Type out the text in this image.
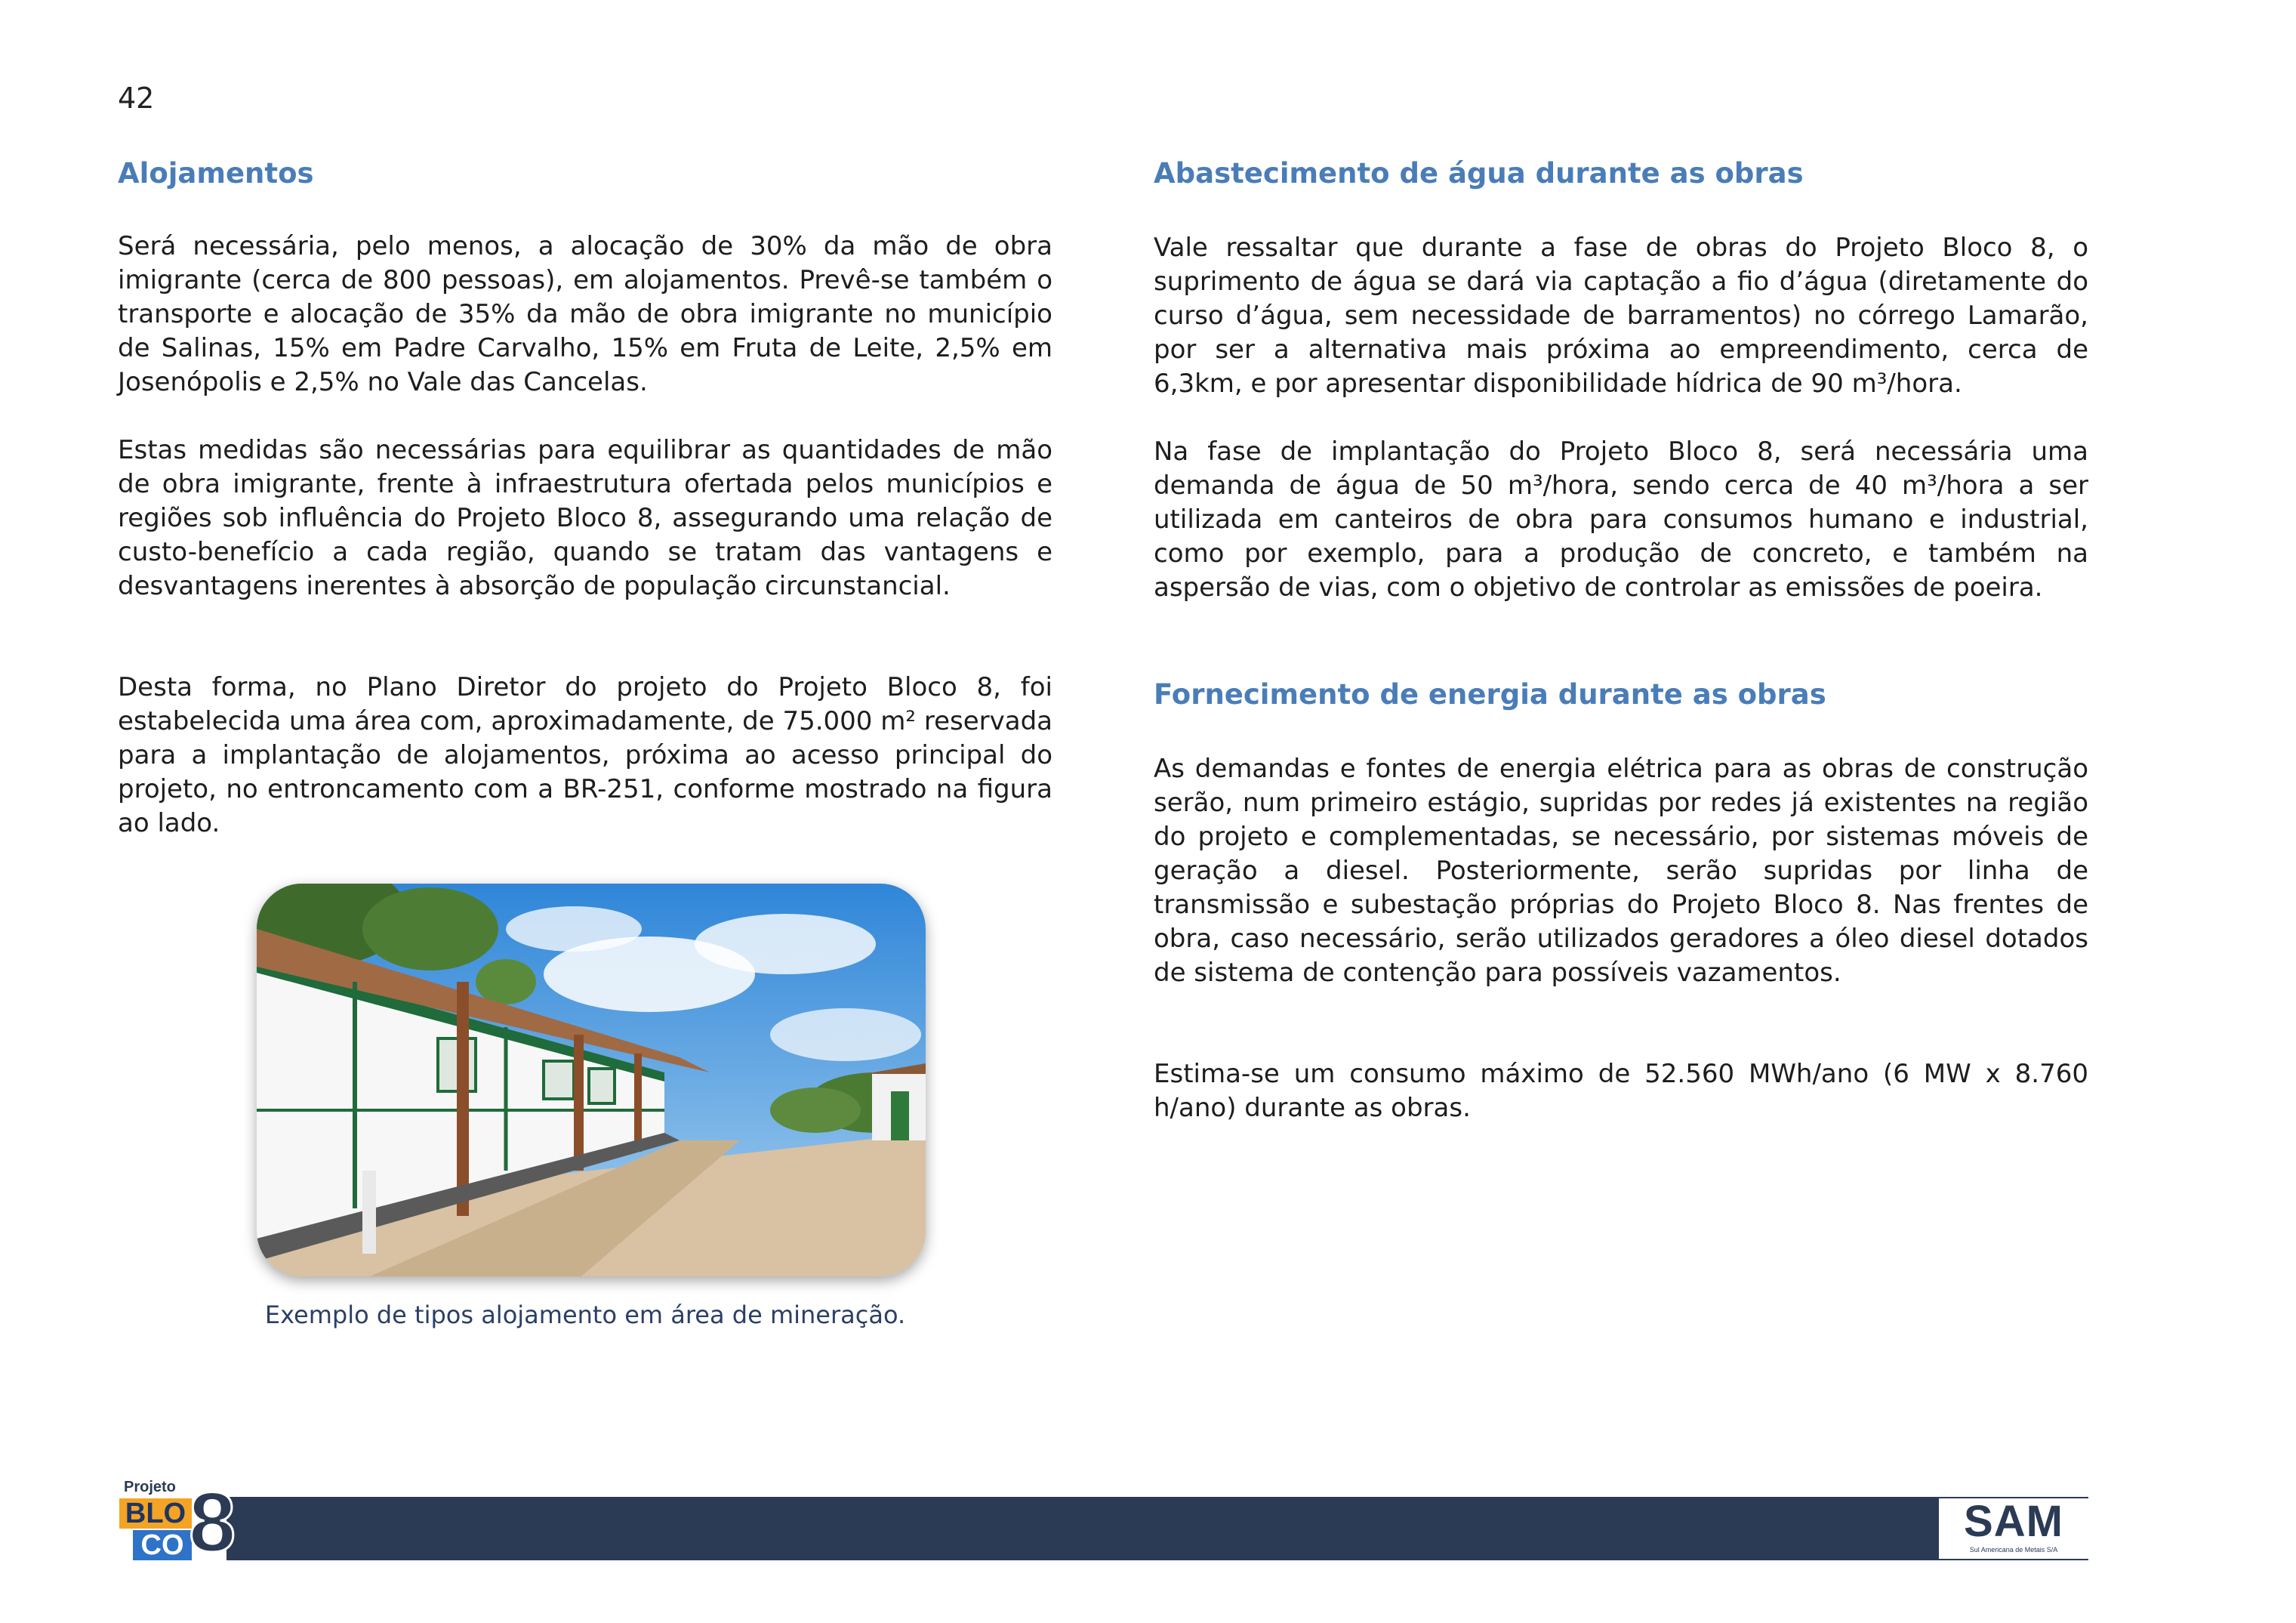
42
Alojamentos

Será necessária, pelo menos, a alocação de 30% da mão de obra imigrante (cerca de 800 pessoas), em alojamentos. Prevê-se também o transporte e alocação de 35% da mão de obra imigrante no município de Salinas, 15% em Padre Carvalho, 15% em Fruta de Leite, 2,5% em Josenópolis e 2,5% no Vale das Cancelas.

Estas medidas são necessárias para equilibrar as quantidades de mão de obra imigrante, frente à infraestrutura ofertada pelos municípios e regiões sob influência do Projeto Bloco 8, assegurando uma relação de custo-benefício a cada região, quando se tratam das vantagens e desvantagens inerentes à absorção de população circunstancial.

Desta forma, no Plano Diretor do projeto do Projeto Bloco 8, foi estabelecida uma área com, aproximadamente, de 75.000 m² reservada para a implantação de alojamentos, próxima ao acesso principal do projeto, no entroncamento com a BR-251, conforme mostrado na figura ao lado.

Exemplo de tipos alojamento em área de mineração.
Abastecimento de água durante as obras

Vale ressaltar que durante a fase de obras do Projeto Bloco 8, o suprimento de água se dará via captação a fio d’água (diretamente do curso d’água, sem necessidade de barramentos) no córrego Lamarão, por ser a alternativa mais próxima ao empreendimento, cerca de 6,3km, e por apresentar disponibilidade hídrica de 90 m³/hora.

Na fase de implantação do Projeto Bloco 8, será necessária uma demanda de água de 50 m³/hora, sendo cerca de 40 m³/hora a ser utilizada em canteiros de obra para consumos humano e industrial, como por exemplo, para a produção de concreto, e também na aspersão de vias, com o objetivo de controlar as emissões de poeira.

Fornecimento de energia durante as obras

As demandas e fontes de energia elétrica para as obras de construção serão, num primeiro estágio, supridas por redes já existentes na região do projeto e complementadas, se necessário, por sistemas móveis de geração a diesel. Posteriormente, serão supridas por linha de transmissão e subestação próprias do Projeto Bloco 8. Nas frentes de obra, caso necessário, serão utilizados geradores a óleo diesel dotados de sistema de contenção para possíveis vazamentos.

Estima-se um consumo máximo de 52.560 MWh/ano (6 MW x 8.760 h/ano) durante as obras.

Projeto
BLO
CO 8	SAM
Sul Americana de Metais S/A
